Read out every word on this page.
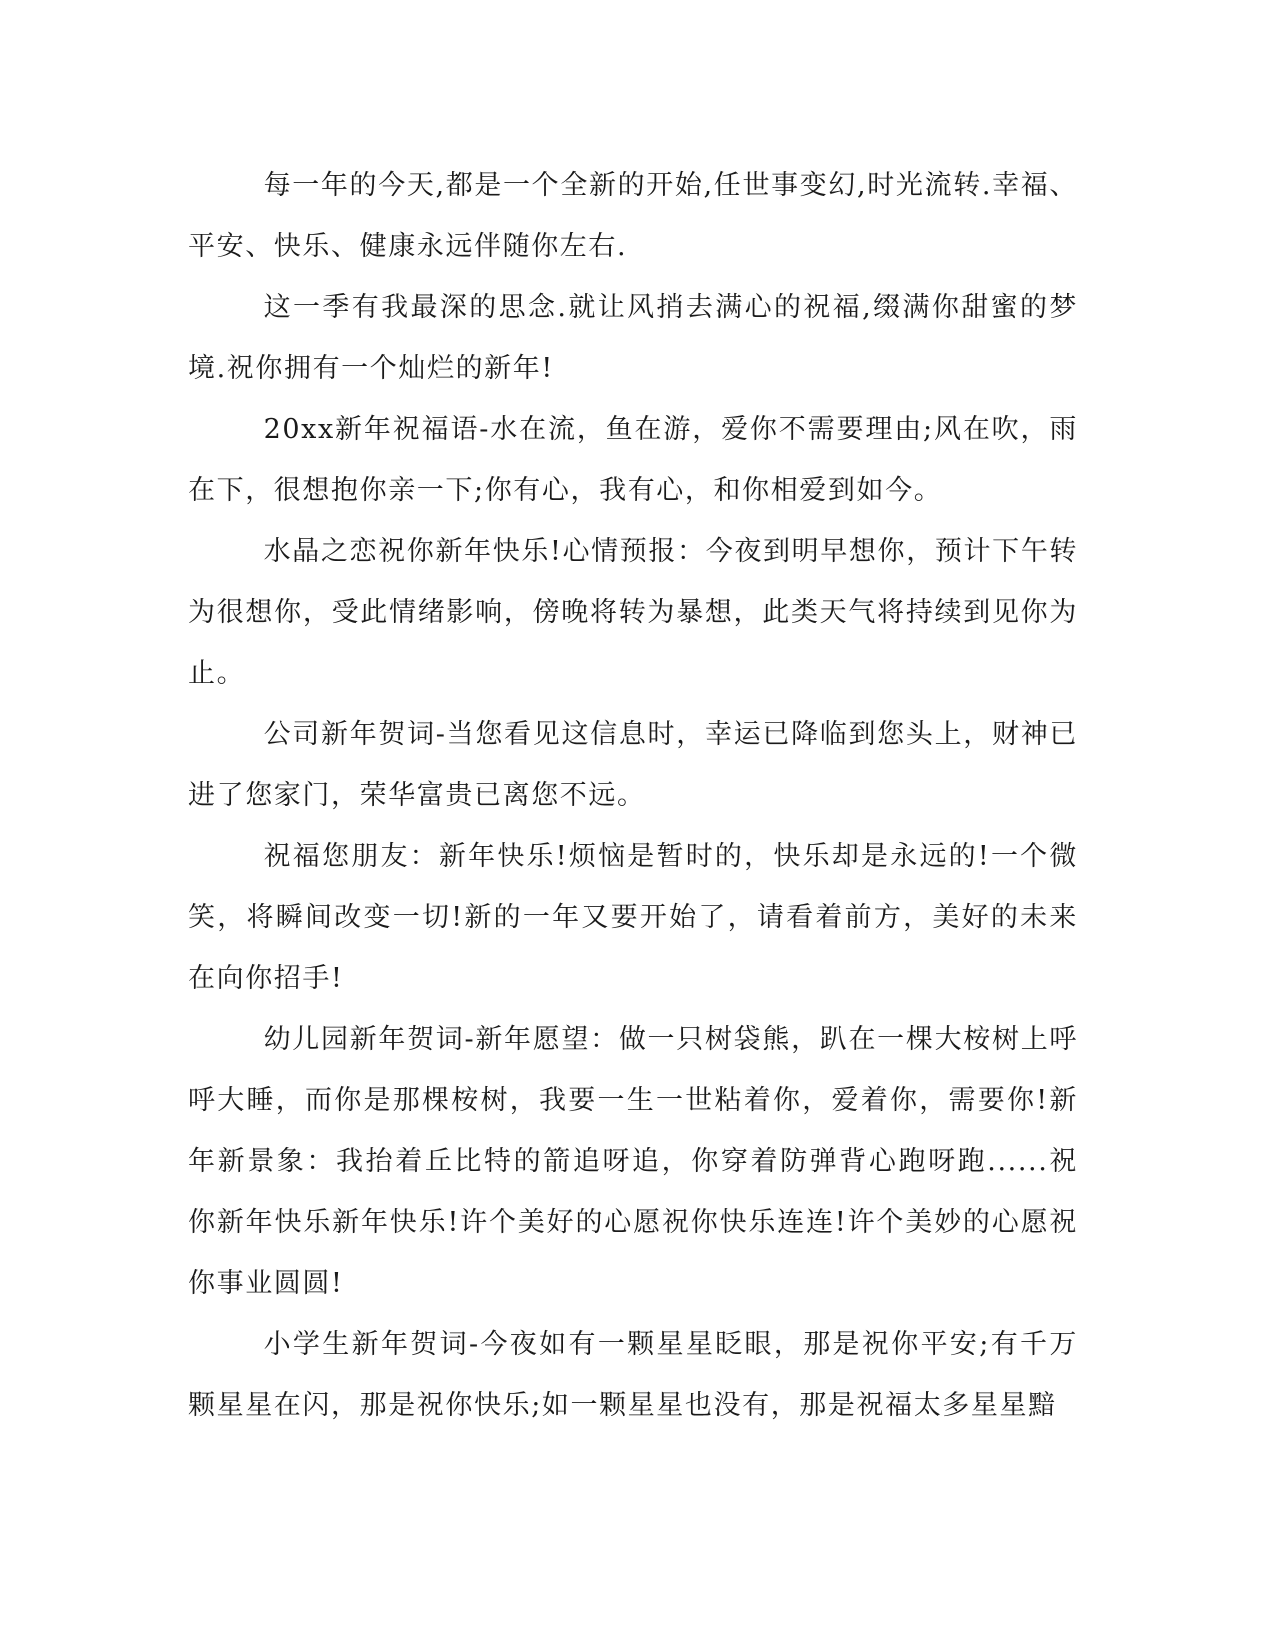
每一年的今天,都是一个全新的开始,任世事变幻,时光流转.幸福、平安、快乐、健康永远伴随你左右.

这一季有我最深的思念.就让风捎去满心的祝福,缀满你甜蜜的梦境.祝你拥有一个灿烂的新年!

20xx新年祝福语-水在流，鱼在游，爱你不需要理由;风在吹，雨在下，很想抱你亲一下;你有心，我有心，和你相爱到如今。

水晶之恋祝你新年快乐!心情预报：今夜到明早想你，预计下午转为很想你，受此情绪影响，傍晚将转为暴想，此类天气将持续到见你为止。

公司新年贺词-当您看见这信息时，幸运已降临到您头上，财神已进了您家门，荣华富贵已离您不远。

祝福您朋友：新年快乐!烦恼是暂时的，快乐却是永远的!一个微笑，将瞬间改变一切!新的一年又要开始了，请看着前方，美好的未来在向你招手!

幼儿园新年贺词-新年愿望：做一只树袋熊，趴在一棵大桉树上呼呼大睡，而你是那棵桉树，我要一生一世粘着你，爱着你，需要你!新年新景象：我抬着丘比特的箭追呀追，你穿着防弹背心跑呀跑......祝你新年快乐新年快乐!许个美好的心愿祝你快乐连连!许个美妙的心愿祝你事业圆圆!

小学生新年贺词-今夜如有一颗星星眨眼，那是祝你平安;有千万颗星星在闪，那是祝你快乐;如一颗星星也没有，那是祝福太多星星黯
